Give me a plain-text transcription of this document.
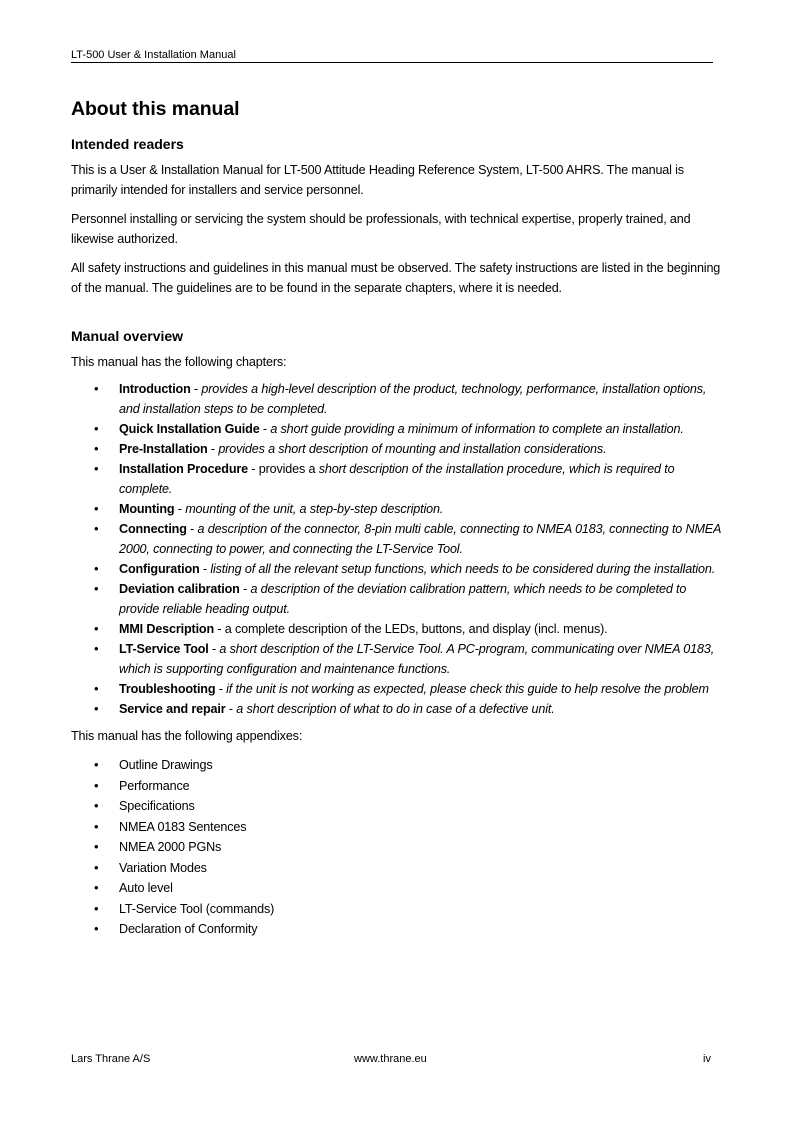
LT-500 User & Installation Manual
About this manual
Intended readers

This is a User & Installation Manual for LT-500 Attitude Heading Reference System, LT-500 AHRS. The manual is primarily intended for installers and service personnel.

Personnel installing or servicing the system should be professionals, with technical expertise, properly trained, and likewise authorized.

All safety instructions and guidelines in this manual must be observed. The safety instructions are listed in the beginning of the manual. The guidelines are to be found in the separate chapters, where it is needed.

Manual overview

This manual has the following chapters:

• Introduction - provides a high-level description of the product, technology, performance, installation options, and installation steps to be completed.
• Quick Installation Guide - a short guide providing a minimum of information to complete an installation.
• Pre-Installation - provides a short description of mounting and installation considerations.
• Installation Procedure - provides a short description of the installation procedure, which is required to complete.
• Mounting - mounting of the unit, a step-by-step description.
• Connecting - a description of the connector, 8-pin multi cable, connecting to NMEA 0183, connecting to NMEA 2000, connecting to power, and connecting the LT-Service Tool.
• Configuration - listing of all the relevant setup functions, which needs to be considered during the installation.
• Deviation calibration - a description of the deviation calibration pattern, which needs to be completed to provide reliable heading output.
• MMI Description - a complete description of the LEDs, buttons, and display (incl. menus).
• LT-Service Tool - a short description of the LT-Service Tool. A PC-program, communicating over NMEA 0183, which is supporting configuration and maintenance functions.
• Troubleshooting - if the unit is not working as expected, please check this guide to help resolve the problem
• Service and repair - a short description of what to do in case of a defective unit.

This manual has the following appendixes:

• Outline Drawings
• Performance
• Specifications
• NMEA 0183 Sentences
• NMEA 2000 PGNs
• Variation Modes
• Auto level
• LT-Service Tool (commands)
• Declaration of Conformity
Lars Thrane A/S	www.thrane.eu	iv
